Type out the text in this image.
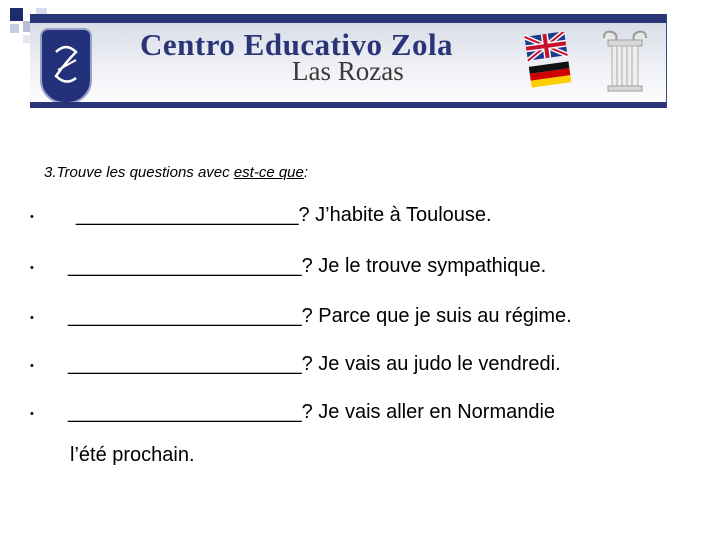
Centro Educativo Zola
Las Rozas
3.Trouve les questions avec est-ce que:
• ____________________? J’habite à Toulouse.
• _____________________? Je le trouve sympathique.
• _____________________? Parce que je suis au régime.
• _____________________? Je vais au judo le vendredi.
• _____________________? Je vais aller en Normandie
l’été prochain.
